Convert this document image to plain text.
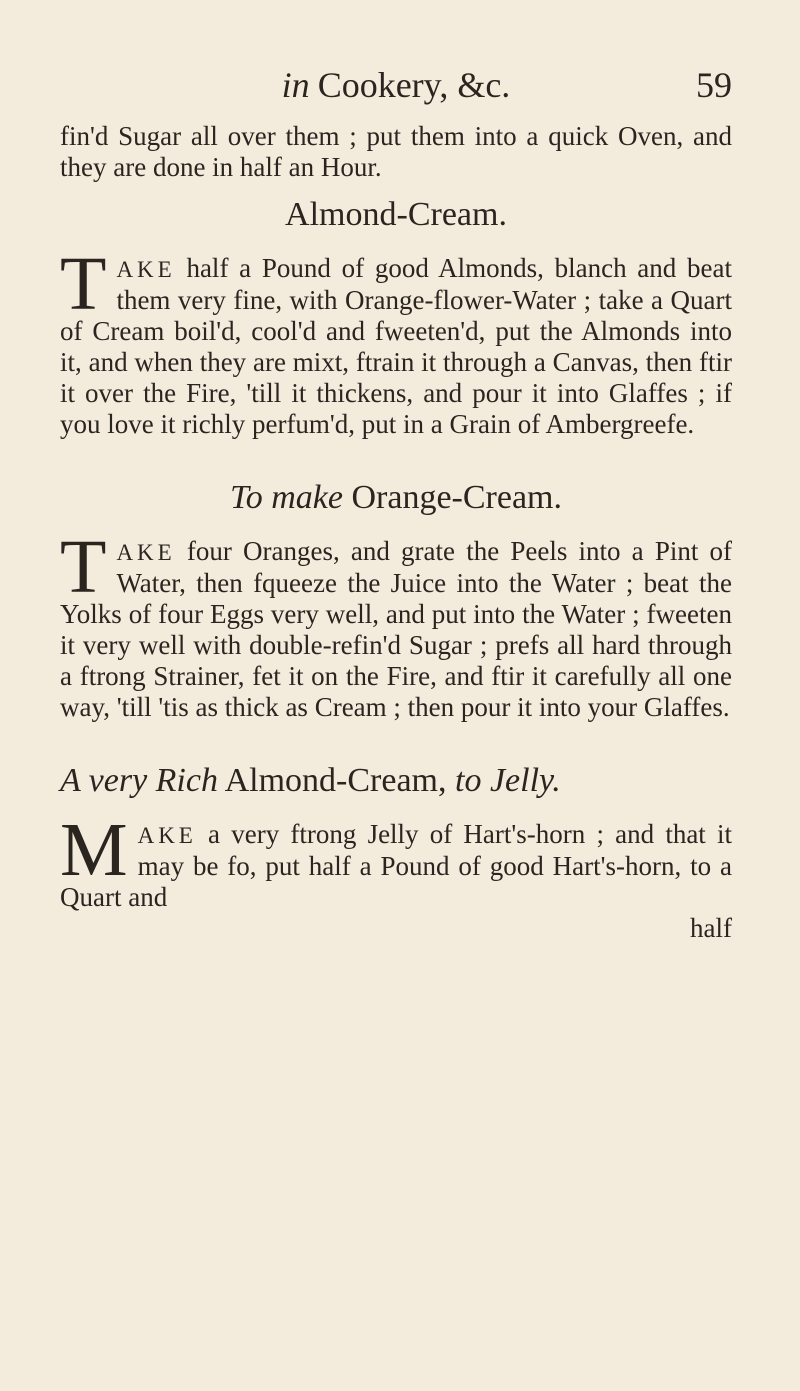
in Cookery, &c.	59

fin'd Sugar all over them ; put them into a quick Oven, and they are done in half an Hour.

Almond-Cream.

TAKE half a Pound of good Almonds, blanch and beat them very fine, with Orange-flower-Water ; take a Quart of Cream boil'd, cool'd and fweeten'd, put the Almonds into it, and when they are mixt, ftrain it through a Canvas, then ftir it over the Fire, 'till it thickens, and pour it into Glaffes ; if you love it richly perfum'd, put in a Grain of Ambergreefe.

To make Orange-Cream.

TAKE four Oranges, and grate the Peels into a Pint of Water, then fqueeze the Juice into the Water ; beat the Yolks of four Eggs very well, and put into the Water ; fweeten it very well with double-refin'd Sugar ; prefs all hard through a ftrong Strainer, fet it on the Fire, and ftir it carefully all one way, 'till 'tis as thick as Cream ; then pour it into your Glaffes.

A very Rich Almond-Cream, to Jelly.

MAKE a very ftrong Jelly of Hart's-horn ; and that it may be fo, put half a Pound of good Hart's-horn, to a Quart and

half
